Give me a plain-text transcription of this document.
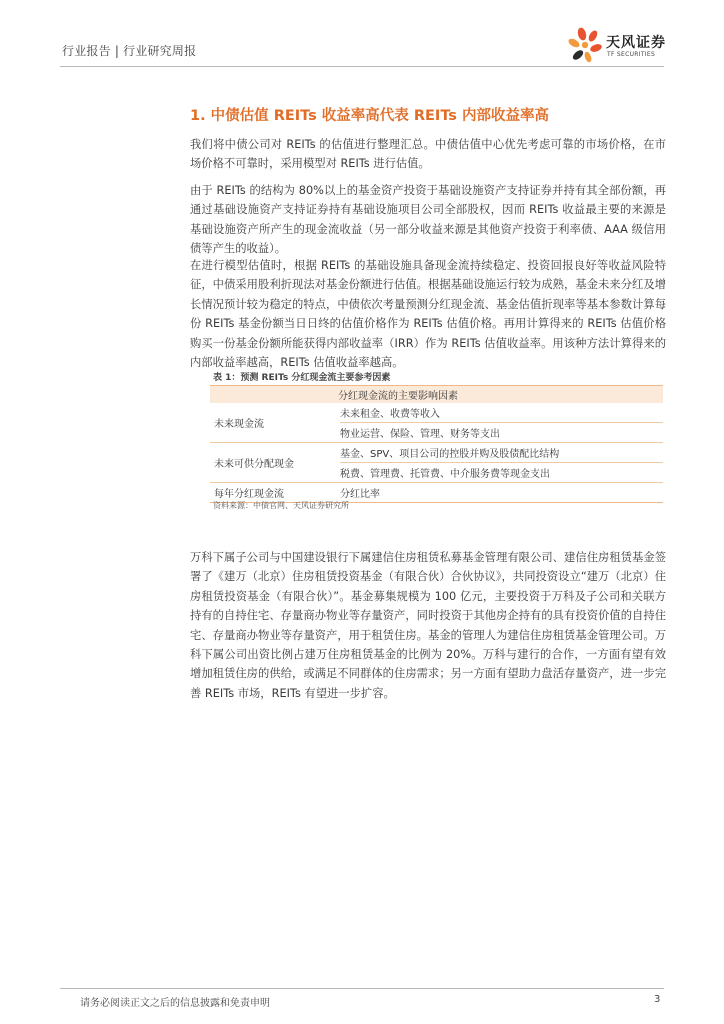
行业报告 | 行业研究周报	天风证券
TF SECURITIES
1. 中债估值 REITs 收益率高代表 REITs 内部收益率高

我们将中债公司对 REITs 的估值进行整理汇总。中债估值中心优先考虑可靠的市场价格，在市场价格不可靠时，采用模型对 REITs 进行估值。

由于 REITs 的结构为 80%以上的基金资产投资于基础设施资产支持证券并持有其全部份额，再通过基础设施资产支持证券持有基础设施项目公司全部股权，因而 REITs 收益最主要的来源是基础设施资产所产生的现金流收益（另一部分收益来源是其他资产投资于利率债、AAA 级信用债等产生的收益）。

在进行模型估值时，根据 REITs 的基础设施具备现金流持续稳定、投资回报良好等收益风险特征，中债采用股利折现法对基金份额进行估值。根据基础设施运行较为成熟，基金未来分红及增长情况预计较为稳定的特点，中债依次考量预测分红现金流、基金估值折现率等基本参数计算每份 REITs 基金份额当日日终的估值价格作为 REITs 估值价格。再用计算得来的 REITs 估值价格购买一份基金份额所能获得内部收益率（IRR）作为 REITs 估值收益率。用该种方法计算得来的内部收益率越高，REITs 估值收益率越高。

表 1：预测 REITs 分红现金流主要参考因素
分红现金流的主要影响因素	
未来现金流	未来租金、收费等收入
	物业运营、保险、管理、财务等支出
未来可供分配现金	基金、SPV、项目公司的控股并购及股债配比结构
	税费、管理费、托管费、中介服务费等现金支出
每年分红现金流	分红比率
资料来源：中债官网、天风证券研究所

万科下属子公司与中国建设银行下属建信住房租赁私募基金管理有限公司、建信住房租赁基金签署了《建万（北京）住房租赁投资基金（有限合伙）合伙协议》，共同投资设立“建万（北京）住房租赁投资基金（有限合伙）”。基金募集规模为 100 亿元，主要投资于万科及子公司和关联方持有的自持住宅、存量商办物业等存量资产，同时投资于其他房企持有的具有投资价值的自持住宅、存量商办物业等存量资产，用于租赁住房。基金的管理人为建信住房租赁基金管理公司。万科下属公司出资比例占建万住房租赁基金的比例为 20%。万科与建行的合作，一方面有望有效增加租赁住房的供给，或满足不同群体的住房需求；另一方面有望助力盘活存量资产，进一步完善 REITs 市场，REITs 有望进一步扩容。

请务必阅读正文之后的信息披露和免责申明	3
